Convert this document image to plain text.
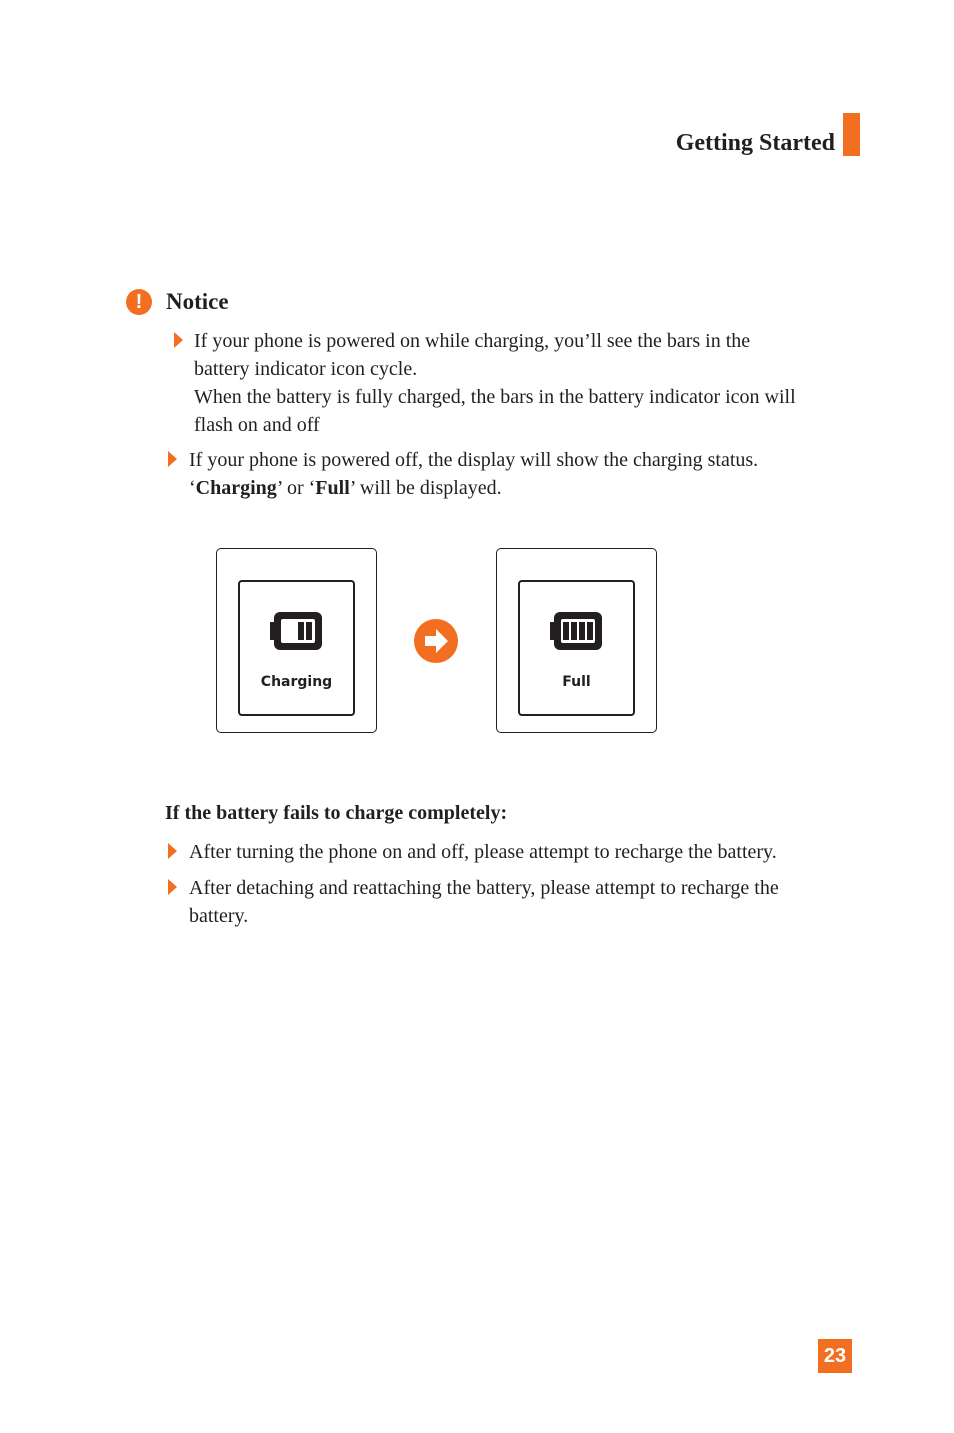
Getting Started
! Notice

If your phone is powered on while charging, you’ll see the bars in the
battery indicator icon cycle.
When the battery is fully charged, the bars in the battery indicator icon will
flash on and off

If your phone is powered off, the display will show the charging status.
‘Charging’ or ‘Full’ will be displayed.

Charging	Full
If the battery fails to charge completely:

After turning the phone on and off, please attempt to recharge the battery.

After detaching and reattaching the battery, please attempt to recharge the
battery.

23
